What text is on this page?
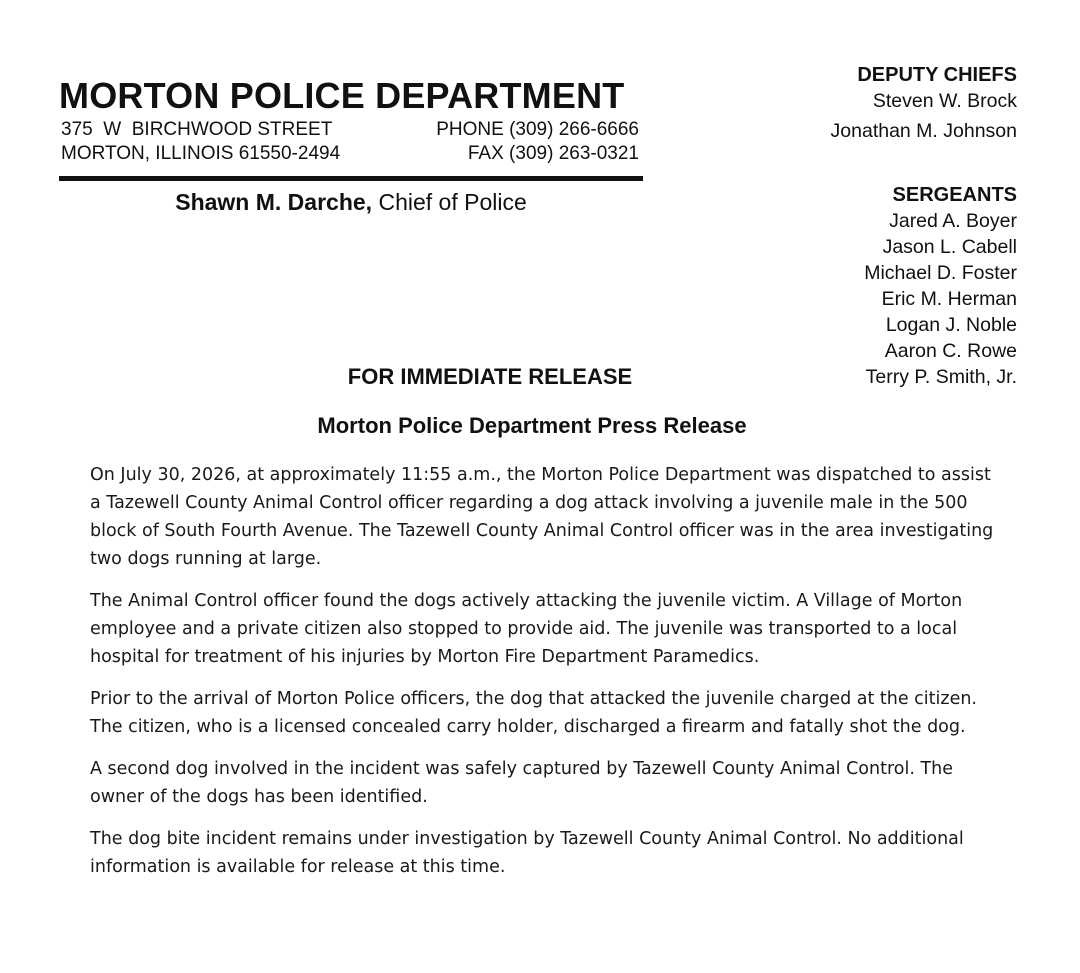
MORTON POLICE DEPARTMENT
375  W  BIRCHWOOD STREET
MORTON, ILLINOIS 61550-2494
PHONE (309) 266-6666
FAX (309) 263-0321
Shawn M. Darche, Chief of Police
DEPUTY CHIEFS
Steven W. Brock
Jonathan M. Johnson
SERGEANTS
Jared A. Boyer
Jason L. Cabell
Michael D. Foster
Eric M. Herman
Logan J. Noble
Aaron C. Rowe
Terry P. Smith, Jr.
FOR IMMEDIATE RELEASE
Morton Police Department Press Release

On July 30, 2026, at approximately 11:55 a.m., the Morton Police Department was dispatched to assist a Tazewell County Animal Control officer regarding a dog attack involving a juvenile male in the 500 block of South Fourth Avenue. The Tazewell County Animal Control officer was in the area investigating two dogs running at large.

The Animal Control officer found the dogs actively attacking the juvenile victim. A Village of Morton employee and a private citizen also stopped to provide aid. The juvenile was transported to a local hospital for treatment of his injuries by Morton Fire Department Paramedics.

Prior to the arrival of Morton Police officers, the dog that attacked the juvenile charged at the citizen. The citizen, who is a licensed concealed carry holder, discharged a firearm and fatally shot the dog.

A second dog involved in the incident was safely captured by Tazewell County Animal Control. The owner of the dogs has been identified.

The dog bite incident remains under investigation by Tazewell County Animal Control. No additional information is available for release at this time.
